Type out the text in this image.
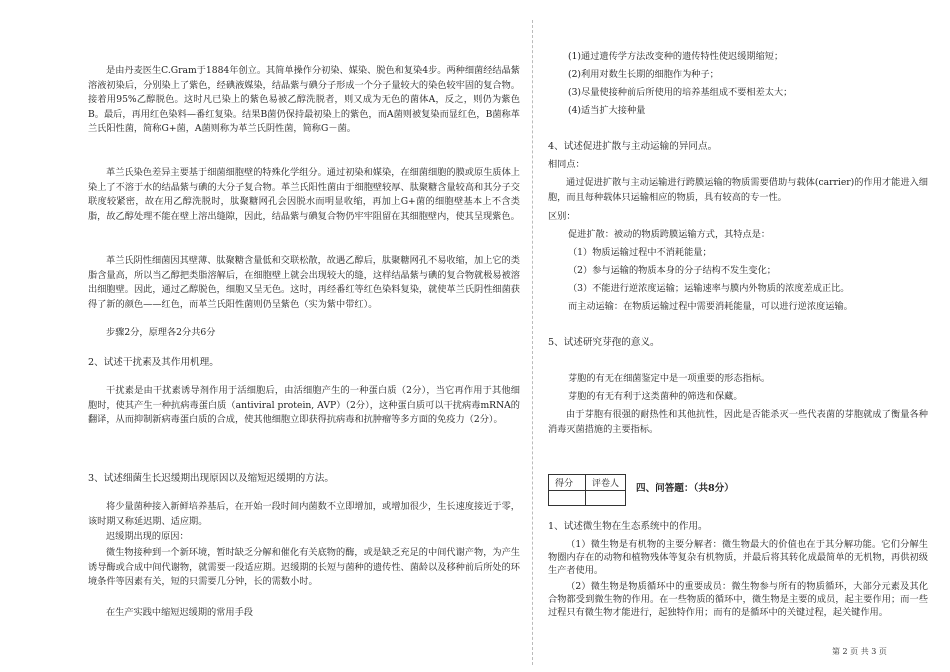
是由丹麦医生C.Gram于1884年创立。其简单操作分初染、媒染、脱色和复染4步。两种细菌经结晶紫溶液初染后，分别染上了紫色，经碘液媒染，结晶紫与碘分子形成一个分子量较大的染色较牢固的复合物。接着用95%乙醇脱色。这时凡已染上的紫色易被乙醇洗脱者，则又成为无色的菌体A，反之，则仍为紫色B。最后，再用红色染料—番红复染。结果B菌仍保持最初染上的紫色，而A菌则被复染而显红色，B菌称革兰氏阳性菌，简称G+菌，A菌则称为革兰氏阴性菌，简称G－菌。

革兰氏染色差异主要基于细菌细胞壁的特殊化学组分。通过初染和媒染，在细菌细胞的膜或原生质体上染上了不溶于水的结晶紫与碘的大分子复合物。革兰氏阳性菌由于细胞壁较厚、肽聚糖含量较高和其分子交联度较紧密，故在用乙醇洗脱时，肽聚糖网孔会因脱水而明显收缩，再加上G+菌的细胞壁基本上不含类脂，故乙醇处理不能在壁上溶出缝隙，因此，结晶紫与碘复合物仍牢牢阻留在其细胞壁内，使其呈现紫色。

革兰氏阴性细菌因其壁薄、肽聚糖含量低和交联松散，故遇乙醇后，肽聚糖网孔不易收缩，加上它的类脂含量高，所以当乙醇把类脂溶解后，在细胞壁上就会出现较大的缝，这样结晶紫与碘的复合物就极易被溶出细胞壁。因此，通过乙醇脱色，细胞又呈无色。这时，再经番红等红色染料复染，就使革兰氏阴性细菌获得了新的颜色——红色，而革兰氏阳性菌则仍呈紫色（实为紫中带红）。

步骤2分，原理各2分共6分

2、试述干扰素及其作用机理。

干扰素是由干扰素诱导剂作用于活细胞后，由活细胞产生的一种蛋白质（2分），当它再作用于其他细胞时，使其产生一种抗病毒蛋白质（antiviral protein, AVP）（2分），这种蛋白质可以干扰病毒mRNA的翻译，从而抑制新病毒蛋白质的合成，使其他细胞立即获得抗病毒和抗肿瘤等多方面的免疫力（2分）。

3、试述细菌生长迟缓期出现原因以及缩短迟缓期的方法。

将少量菌种接入新鲜培养基后，在开始一段时间内菌数不立即增加，或增加很少，生长速度接近于零，该时期又称延迟期、适应期。

迟缓期出现的原因：

微生物接种到一个新环境，暂时缺乏分解和催化有关底物的酶，或是缺乏充足的中间代谢产物，为产生诱导酶或合成中间代谢物，就需要一段适应期。迟缓期的长短与菌种的遗传性、菌龄以及移种前后所处的环境条件等因素有关，短的只需要几分钟，长的需数小时。

在生产实践中缩短迟缓期的常用手段

(1)通过遗传学方法改变种的遗传特性使迟缓期缩短；

(2)利用对数生长期的细胞作为种子；

(3)尽量使接种前后所使用的培养基组成不要相差太大；

(4)适当扩大接种量

4、试述促进扩散与主动运输的异同点。

相同点：

通过促进扩散与主动运输进行跨膜运输的物质需要借助与载体(carrier)的作用才能进入细胞，而且每种载体只运输相应的物质，具有较高的专一性。

区别：

促进扩散：被动的物质跨膜运输方式，其特点是：

（1）物质运输过程中不消耗能量；

（2）参与运输的物质本身的分子结构不发生变化；

（3）不能进行逆浓度运输；运输速率与膜内外物质的浓度差成正比。

而主动运输：在物质运输过程中需要消耗能量，可以进行逆浓度运输。

5、试述研究芽孢的意义。

芽胞的有无在细菌鉴定中是一项重要的形态指标。

芽胞的有无有利于这类菌种的筛选和保藏。

由于芽胞有很强的耐热性和其他抗性，因此是否能杀灭一些代表菌的芽胞就成了衡量各种消毒灭菌措施的主要指标。

得分	评卷人
	四、问答题：（共8分）

1、试述微生物在生态系统中的作用。

（1）微生物是有机物的主要分解者：微生物最大的价值也在于其分解功能。它们分解生物圈内存在的动物和植物残体等复杂有机物质，并最后将其转化成最简单的无机物，再供初级生产者使用。

（2）微生物是物质循环中的重要成员：微生物参与所有的物质循环，大部分元素及其化合物都受到微生物的作用。在一些物质的循环中，微生物是主要的成员，起主要作用；而一些过程只有微生物才能进行，起独特作用；而有的是循环中的关键过程，起关键作用。

第 2 页 共 3 页
